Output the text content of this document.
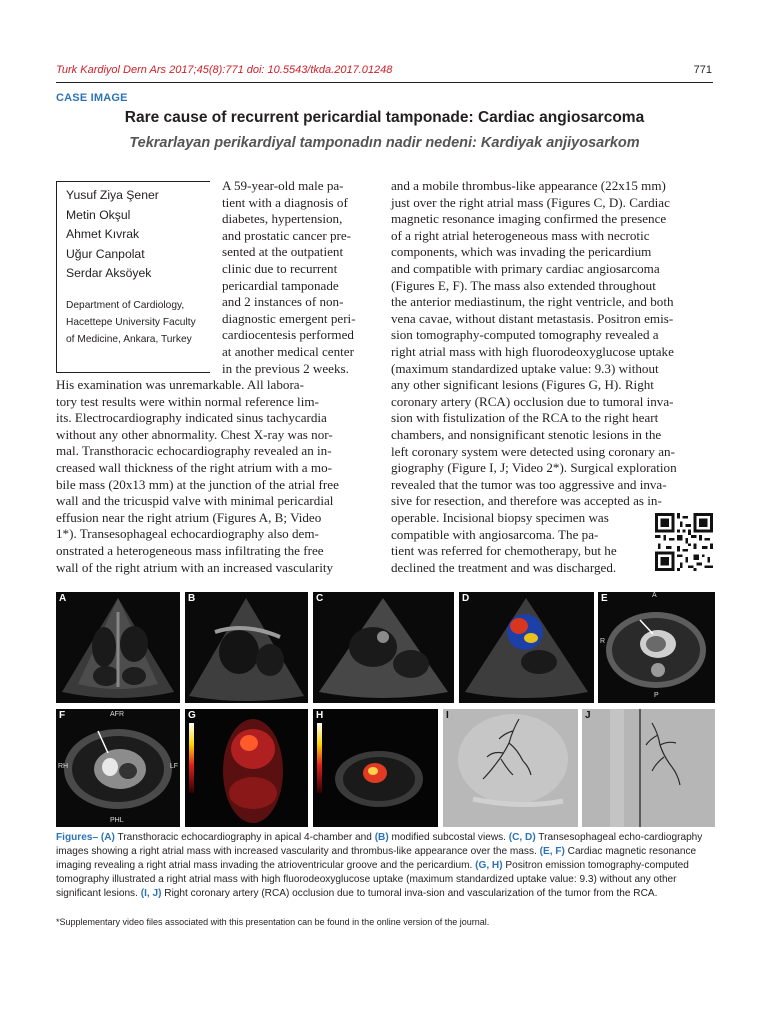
Turk Kardiyol Dern Ars 2017;45(8):771 doi: 10.5543/tkda.2017.01248	771
CASE IMAGE
Rare cause of recurrent pericardial tamponade: Cardiac angiosarcoma
Tekrarlayan perikardiyal tamponadın nadir nedeni: Kardiyak anjiyosarkom
Yusuf Ziya Şener
Metin Okşul
Ahmet Kıvrak
Uğur Canpolat
Serdar Aksöyek
Department of Cardiology,
Hacettepe University Faculty
of Medicine, Ankara, Turkey
A 59-year-old male pa-
tient with a diagnosis of
diabetes, hypertension,
and prostatic cancer pre-
sented at the outpatient
clinic due to recurrent
pericardial tamponade
and 2 instances of non-
diagnostic emergent peri-
cardiocentesis performed
at another medical center
in the previous 2 weeks.
His examination was unremarkable. All labora-
tory test results were within normal reference lim-
its. Electrocardiography indicated sinus tachycardia
without any other abnormality. Chest X-ray was nor-
mal. Transthoracic echocardiography revealed an in-
creased wall thickness of the right atrium with a mo-
bile mass (20x13 mm) at the junction of the atrial free
wall and the tricuspid valve with minimal pericardial
effusion near the right atrium (Figures A, B; Video
1*). Transesophageal echocardiography also dem-
onstrated a heterogeneous mass infiltrating the free
wall of the right atrium with an increased vascularity
and a mobile thrombus-like appearance (22x15 mm)
just over the right atrial mass (Figures C, D). Cardiac
magnetic resonance imaging confirmed the presence
of a right atrial heterogeneous mass with necrotic
components, which was invading the pericardium
and compatible with primary cardiac angiosarcoma
(Figures E, F). The mass also extended throughout
the anterior mediastinum, the right ventricle, and both
vena cavae, without distant metastasis. Positron emis-
sion tomography-computed tomography revealed a
right atrial mass with high fluorodeoxyglucose uptake
(maximum standardized uptake value: 9.3) without
any other significant lesions (Figures G, H). Right
coronary artery (RCA) occlusion due to tumoral inva-
sion with fistulization of the RCA to the right heart
chambers, and nonsignificant stenotic lesions in the
left coronary system were detected using coronary an-
giography (Figure I, J; Video 2*). Surgical exploration
revealed that the tumor was too aggressive and inva-
sive for resection, and therefore was accepted as in-
operable. Incisional biopsy specimen was
compatible with angiosarcoma. The pa-
tient was referred for chemotherapy, but he
declined the treatment and was discharged.
A	B	C	D	E	A
R
P
F	AFR
RH	LF
PHL
G	H	I	J
Figures– (A) Transthoracic echocardiography in apical 4-chamber and (B) modified subcostal views. (C, D) Transesophageal echo-cardiography images showing a right atrial mass with increased vascularity and thrombus-like appearance over the mass. (E, F) Cardiac magnetic resonance imaging revealing a right atrial mass invading the atrioventricular groove and the pericardium. (G, H) Positron emission tomography-computed tomography illustrated a right atrial mass with high fluorodeoxyglucose uptake (maximum standardized uptake value: 9.3) without any other significant lesions. (I, J) Right coronary artery (RCA) occlusion due to tumoral inva-sion and vascularization of the tumor from the RCA.
*Supplementary video files associated with this presentation can be found in the online version of the journal.
